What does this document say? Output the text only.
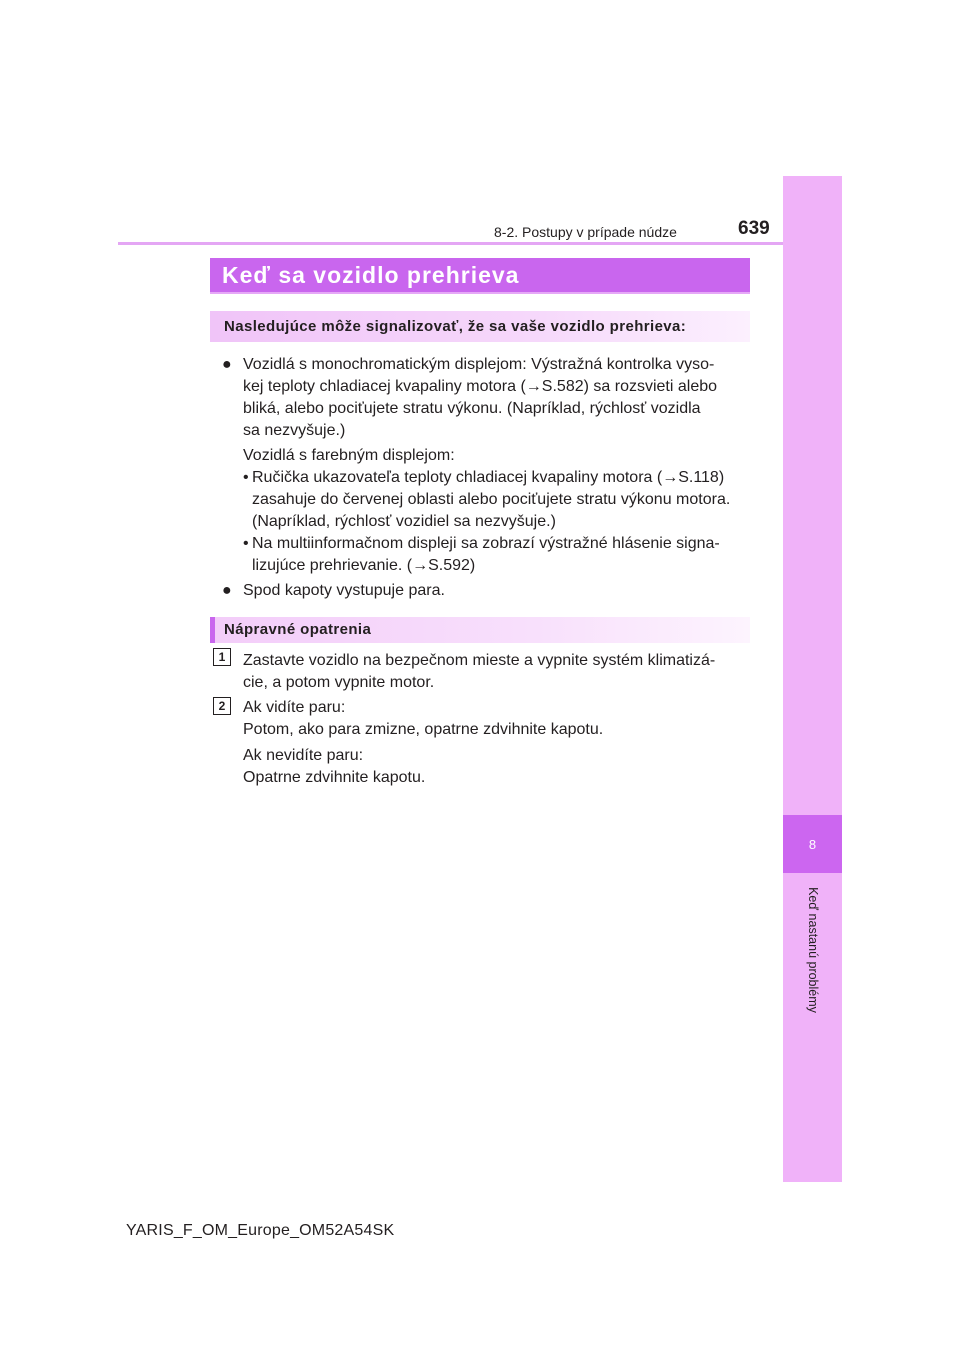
8
Keď nastanú problémy
8-2. Postupy v prípade núdze	639
Keď sa vozidlo prehrieva
Nasledujúce môže signalizovať, že sa vaše vozidlo prehrieva:
● Vozidlá s monochromatickým displejom: Výstražná kontrolka vyso-
kej teploty chladiacej kvapaliny motora (→S.582) sa rozsvieti alebo
bliká, alebo pociťujete stratu výkonu. (Napríklad, rýchlosť vozidla
sa nezvyšuje.)
Vozidlá s farebným displejom:
• Ručička ukazovateľa teploty chladiacej kvapaliny motora (→S.118)
zasahuje do červenej oblasti alebo pociťujete stratu výkonu motora.
(Napríklad, rýchlosť vozidiel sa nezvyšuje.)
• Na multiinformačnom displeji sa zobrazí výstražné hlásenie signa-
lizujúce prehrievanie. (→S.592)
● Spod kapoty vystupuje para.
Nápravné opatrenia
1	Zastavte vozidlo na bezpečnom mieste a vypnite systém klimatizá-
cie, a potom vypnite motor.
2	Ak vidíte paru:
Potom, ako para zmizne, opatrne zdvihnite kapotu.
Ak nevidíte paru:
Opatrne zdvihnite kapotu.
YARIS_F_OM_Europe_OM52A54SK
